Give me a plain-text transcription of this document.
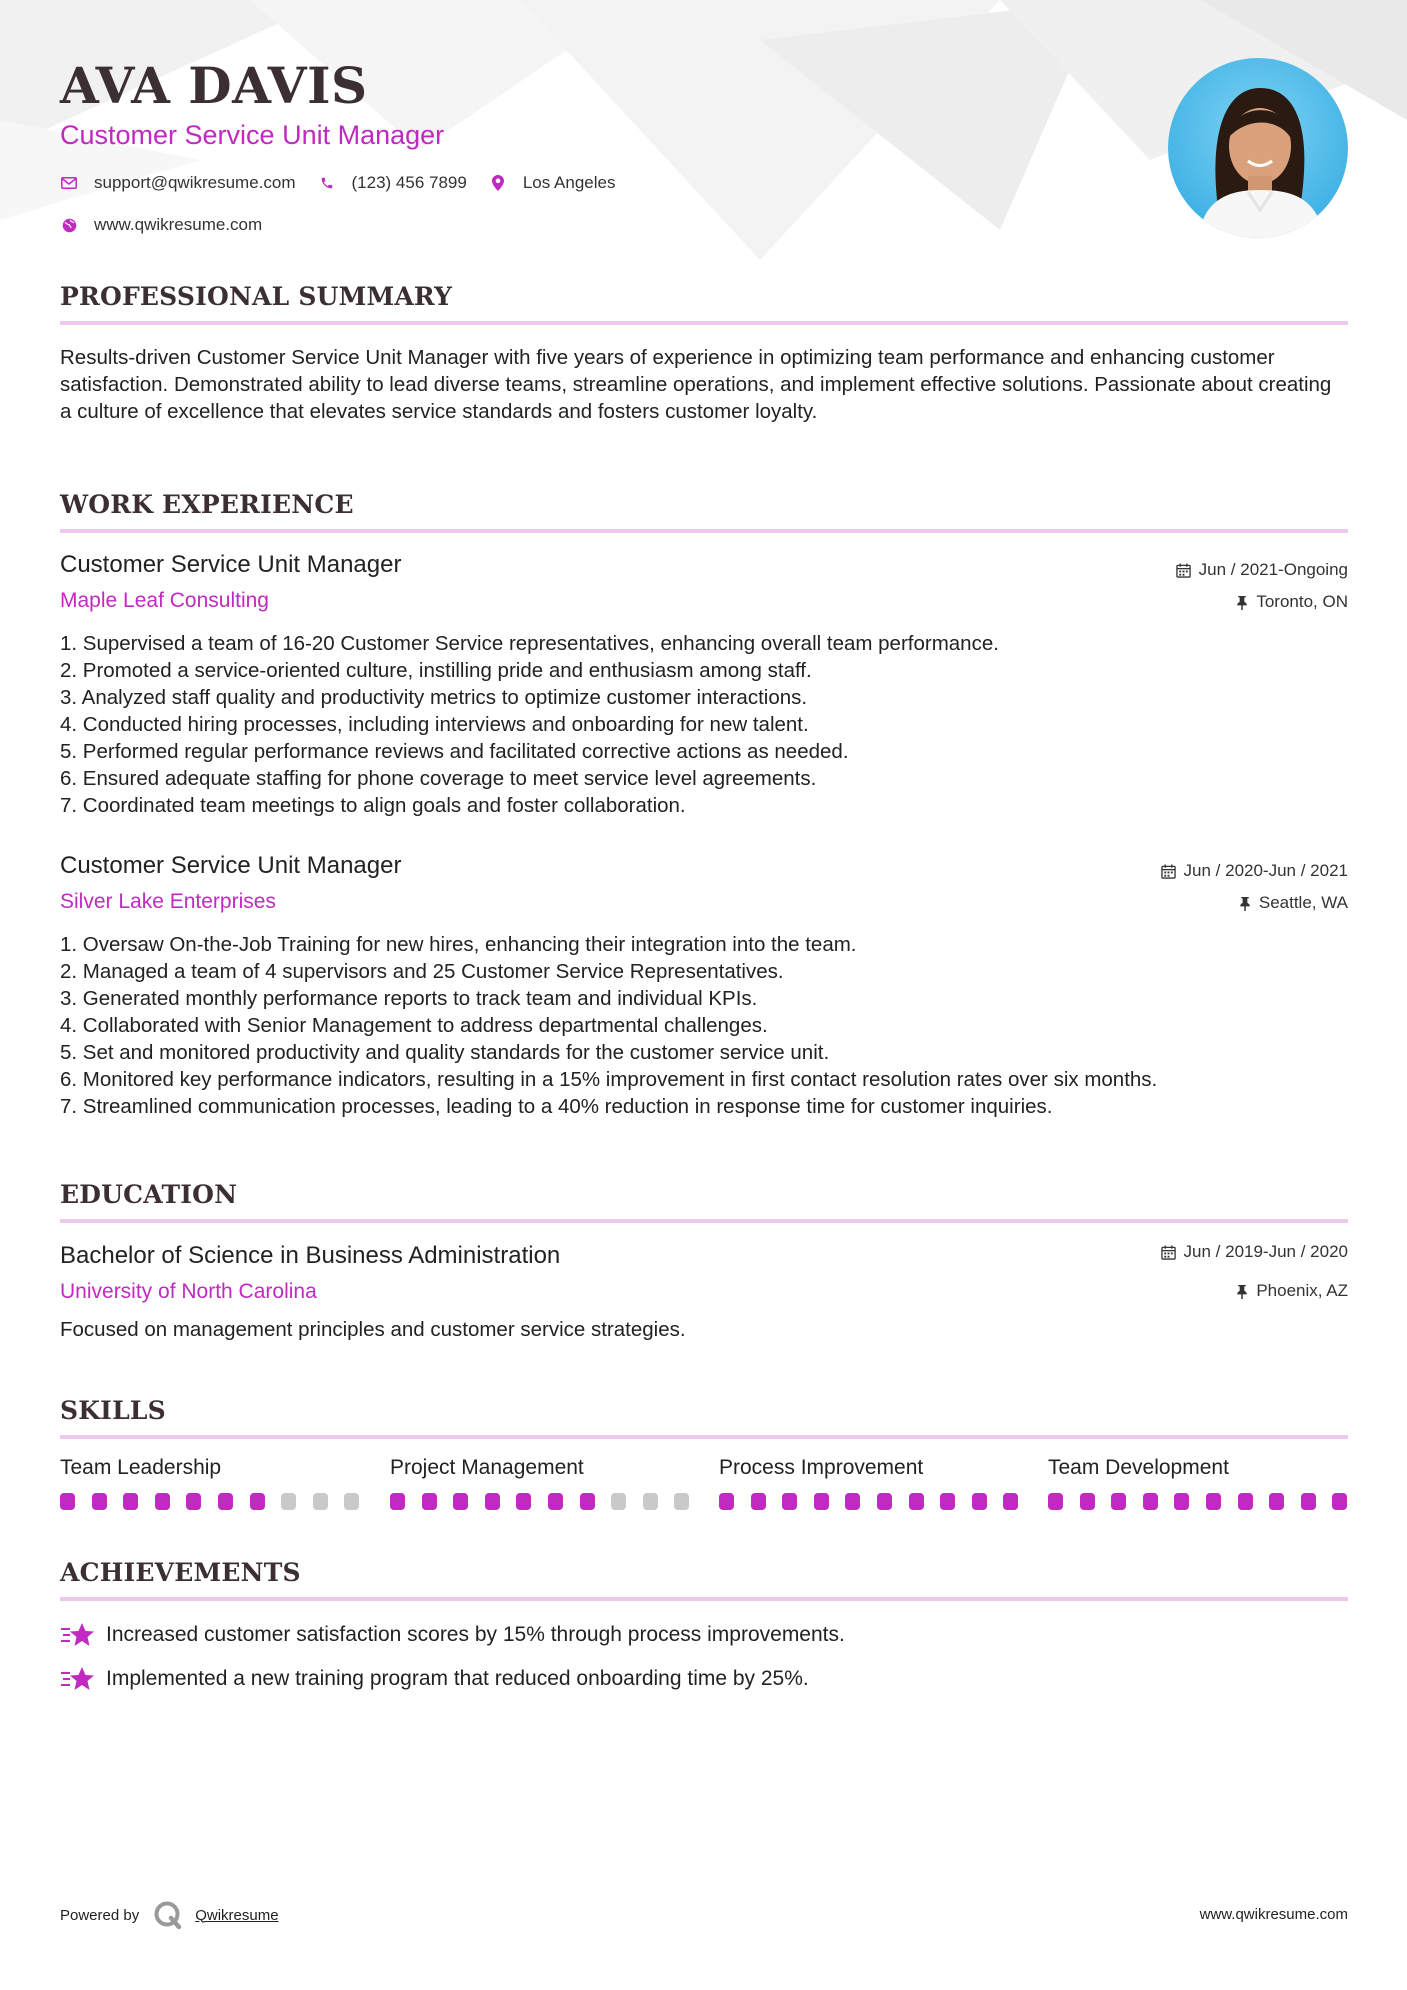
AVA DAVIS
Customer Service Unit Manager
support@qwikresume.com	(123) 456 7899	Los Angeles
www.qwikresume.com
PROFESSIONAL SUMMARY

Results-driven Customer Service Unit Manager with five years of experience in optimizing team performance and enhancing customer satisfaction. Demonstrated ability to lead diverse teams, streamline operations, and implement effective solutions. Passionate about creating a culture of excellence that elevates service standards and fosters customer loyalty.

WORK EXPERIENCE
Customer Service Unit Manager
Maple Leaf Consulting
Jun / 2021-Ongoing
Toronto, ON
1. Supervised a team of 16-20 Customer Service representatives, enhancing overall team performance.
2. Promoted a service-oriented culture, instilling pride and enthusiasm among staff.
3. Analyzed staff quality and productivity metrics to optimize customer interactions.
4. Conducted hiring processes, including interviews and onboarding for new talent.
5. Performed regular performance reviews and facilitated corrective actions as needed.
6. Ensured adequate staffing for phone coverage to meet service level agreements.
7. Coordinated team meetings to align goals and foster collaboration.
Customer Service Unit Manager
Silver Lake Enterprises
Jun / 2020-Jun / 2021
Seattle, WA
1. Oversaw On-the-Job Training for new hires, enhancing their integration into the team.
2. Managed a team of 4 supervisors and 25 Customer Service Representatives.
3. Generated monthly performance reports to track team and individual KPIs.
4. Collaborated with Senior Management to address departmental challenges.
5. Set and monitored productivity and quality standards for the customer service unit.
6. Monitored key performance indicators, resulting in a 15% improvement in first contact resolution rates over six months.
7. Streamlined communication processes, leading to a 40% reduction in response time for customer inquiries.
EDUCATION
Bachelor of Science in Business Administration
University of North Carolina
Jun / 2019-Jun / 2020
Phoenix, AZ

Focused on management principles and customer service strategies.

SKILLS
Team Leadership	Project Management	Process Improvement	Team Development
ACHIEVEMENTS
Increased customer satisfaction scores by 15% through process improvements.
Implemented a new training program that reduced onboarding time by 25%.
Powered by	Qwikresume	www.qwikresume.com
